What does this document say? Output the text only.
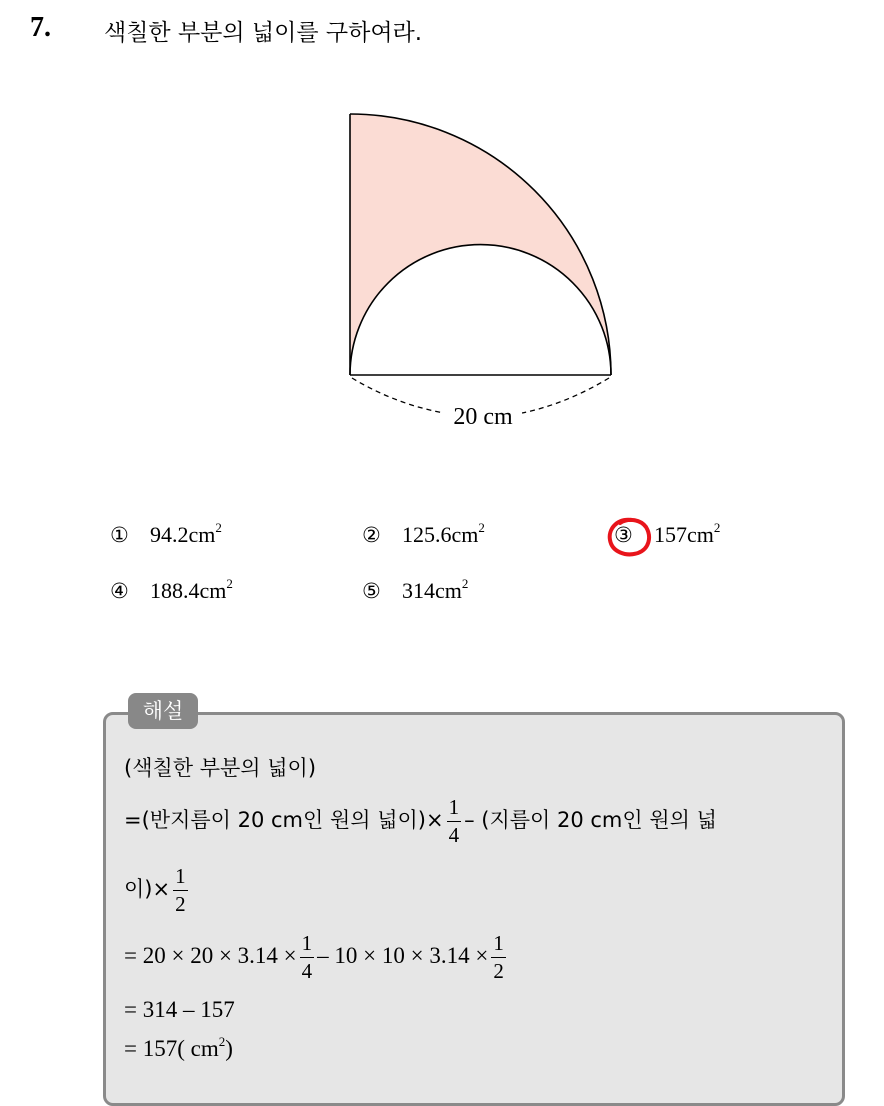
7. 색칠한 부분의 넓이를 구하여라.
20 cm
① $94.2cm^2$	② $125.6cm^2$	③ $157cm^2$
④ $188.4cm^2$	⑤ $314cm^2$
해설
(색칠한 부분의 넓이)
=(반지름이 20 cm인 원의 넓이)× $\frac{1}{4}$ – (지름이 20 cm인 원의 넓
이)× $\frac{1}{2}$
= $20 \times 20 \times 3.14 \times \frac{1}{4} - 10 \times 10 \times 3.14 \times \frac{1}{2}$
= 314 – 157
= 157( $cm^2$)
